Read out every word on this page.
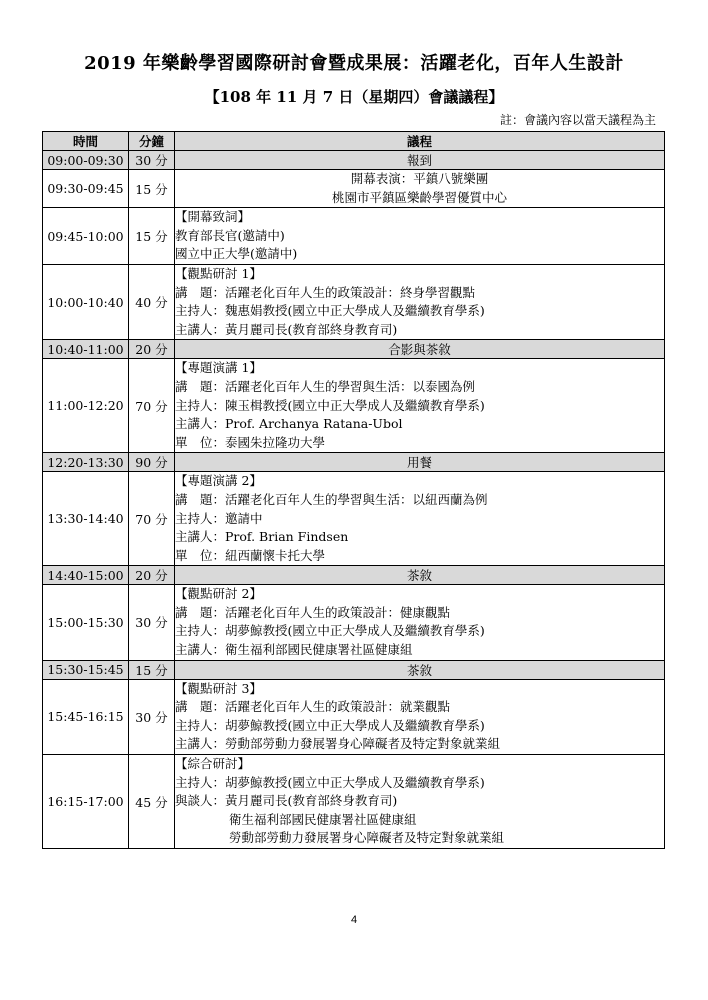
2019 年樂齡學習國際研討會暨成果展：活躍老化，百年人生設計
【108 年 11 月 7 日（星期四）會議議程】
註：會議內容以當天議程為主
時間	分鐘	議程
09:00-09:30	30 分	報到
09:30-09:45	15 分	開幕表演：平鎮八號樂團
桃園市平鎮區樂齡學習優質中心

09:45-10:00	15 分	【開幕致詞】
教育部長官(邀請中)
國立中正大學(邀請中)

10:00-10:40	40 分	【觀點研討 1】
講　題：活躍老化百年人生的政策設計：終身學習觀點
主持人：魏惠娟教授(國立中正大學成人及繼續教育學系)
主講人：黃月麗司長(教育部終身教育司)

10:40-11:00	20 分	合影與茶敘
11:00-12:20	70 分	【專題演講 1】
講　題：活躍老化百年人生的學習與生活：以泰國為例
主持人：陳玉楫教授(國立中正大學成人及繼續教育學系)
主講人：Prof. Archanya Ratana-Ubol
單　位：泰國朱拉隆功大學

12:20-13:30	90 分	用餐
13:30-14:40	70 分	【專題演講 2】
講　題：活躍老化百年人生的學習與生活：以紐西蘭為例
主持人：邀請中
主講人：Prof. Brian Findsen
單　位：紐西蘭懷卡托大學

14:40-15:00	20 分	茶敘
15:00-15:30	30 分	【觀點研討 2】
講　題：活躍老化百年人生的政策設計：健康觀點
主持人：胡夢鯨教授(國立中正大學成人及繼續教育學系)
主講人：衛生福利部國民健康署社區健康組

15:30-15:45	15 分	茶敘
15:45-16:15	30 分	【觀點研討 3】
講　題：活躍老化百年人生的政策設計：就業觀點
主持人：胡夢鯨教授(國立中正大學成人及繼續教育學系)
主講人：勞動部勞動力發展署身心障礙者及特定對象就業組

16:15-17:00	45 分	【綜合研討】
主持人：胡夢鯨教授(國立中正大學成人及繼續教育學系)
與談人：黃月麗司長(教育部終身教育司)
衛生福利部國民健康署社區健康組
勞動部勞動力發展署身心障礙者及特定對象就業組
4
